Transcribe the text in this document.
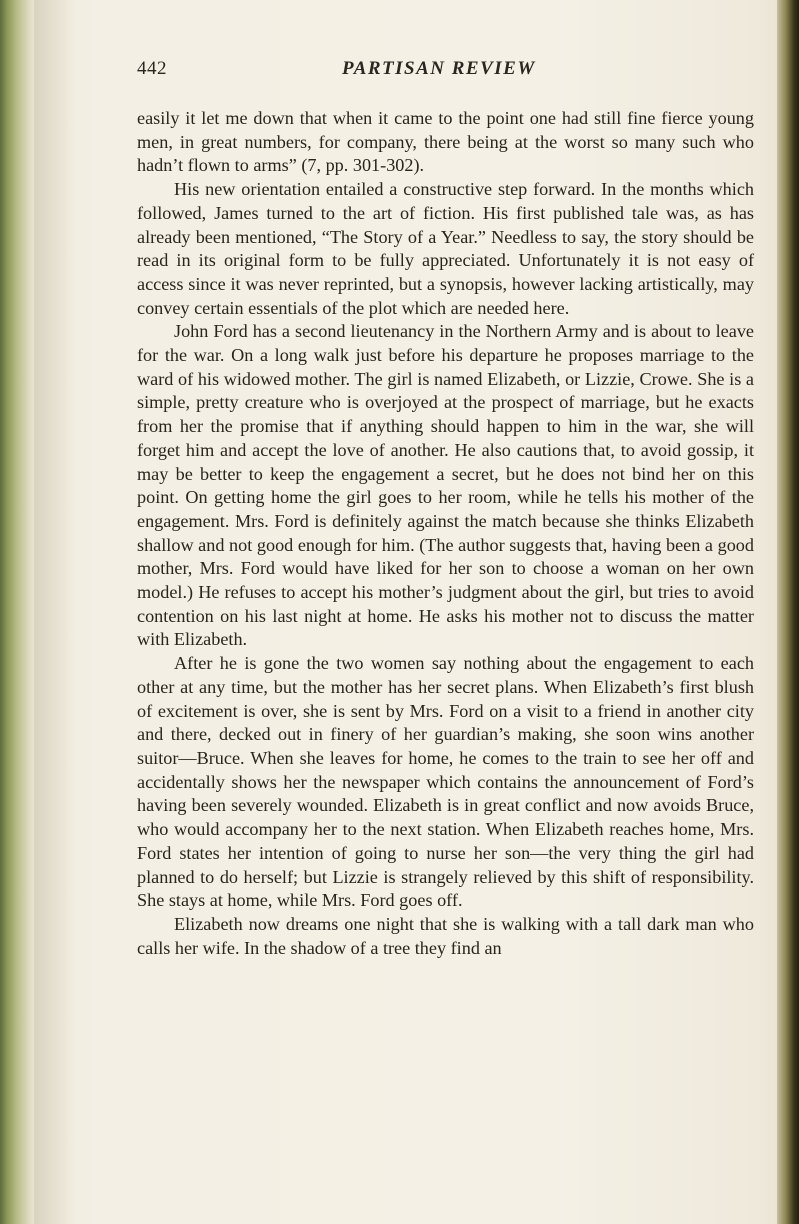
442	PARTISAN REVIEW

easily it let me down that when it came to the point one had still fine fierce young men, in great numbers, for company, there being at the worst so many such who hadn’t flown to arms” (7, pp. 301-302).

His new orientation entailed a constructive step forward. In the months which followed, James turned to the art of fiction. His first published tale was, as has already been mentioned, “The Story of a Year.” Needless to say, the story should be read in its original form to be fully appreciated. Unfortunately it is not easy of access since it was never reprinted, but a synopsis, however lacking artistically, may convey certain essentials of the plot which are needed here.

John Ford has a second lieutenancy in the Northern Army and is about to leave for the war. On a long walk just before his departure he proposes marriage to the ward of his widowed mother. The girl is named Elizabeth, or Lizzie, Crowe. She is a simple, pretty creature who is overjoyed at the prospect of marriage, but he exacts from her the promise that if anything should happen to him in the war, she will forget him and accept the love of another. He also cautions that, to avoid gossip, it may be better to keep the engagement a secret, but he does not bind her on this point. On getting home the girl goes to her room, while he tells his mother of the engagement. Mrs. Ford is definitely against the match because she thinks Elizabeth shallow and not good enough for him. (The author suggests that, having been a good mother, Mrs. Ford would have liked for her son to choose a woman on her own model.) He refuses to accept his mother’s judgment about the girl, but tries to avoid contention on his last night at home. He asks his mother not to discuss the matter with Elizabeth.

After he is gone the two women say nothing about the engagement to each other at any time, but the mother has her secret plans. When Elizabeth’s first blush of excitement is over, she is sent by Mrs. Ford on a visit to a friend in another city and there, decked out in finery of her guardian’s making, she soon wins another suitor—Bruce. When she leaves for home, he comes to the train to see her off and accidentally shows her the newspaper which contains the announcement of Ford’s having been severely wounded. Elizabeth is in great conflict and now avoids Bruce, who would accompany her to the next station. When Elizabeth reaches home, Mrs. Ford states her intention of going to nurse her son—the very thing the girl had planned to do herself; but Lizzie is strangely relieved by this shift of responsibility. She stays at home, while Mrs. Ford goes off.

Elizabeth now dreams one night that she is walking with a tall dark man who calls her wife. In the shadow of a tree they find an
